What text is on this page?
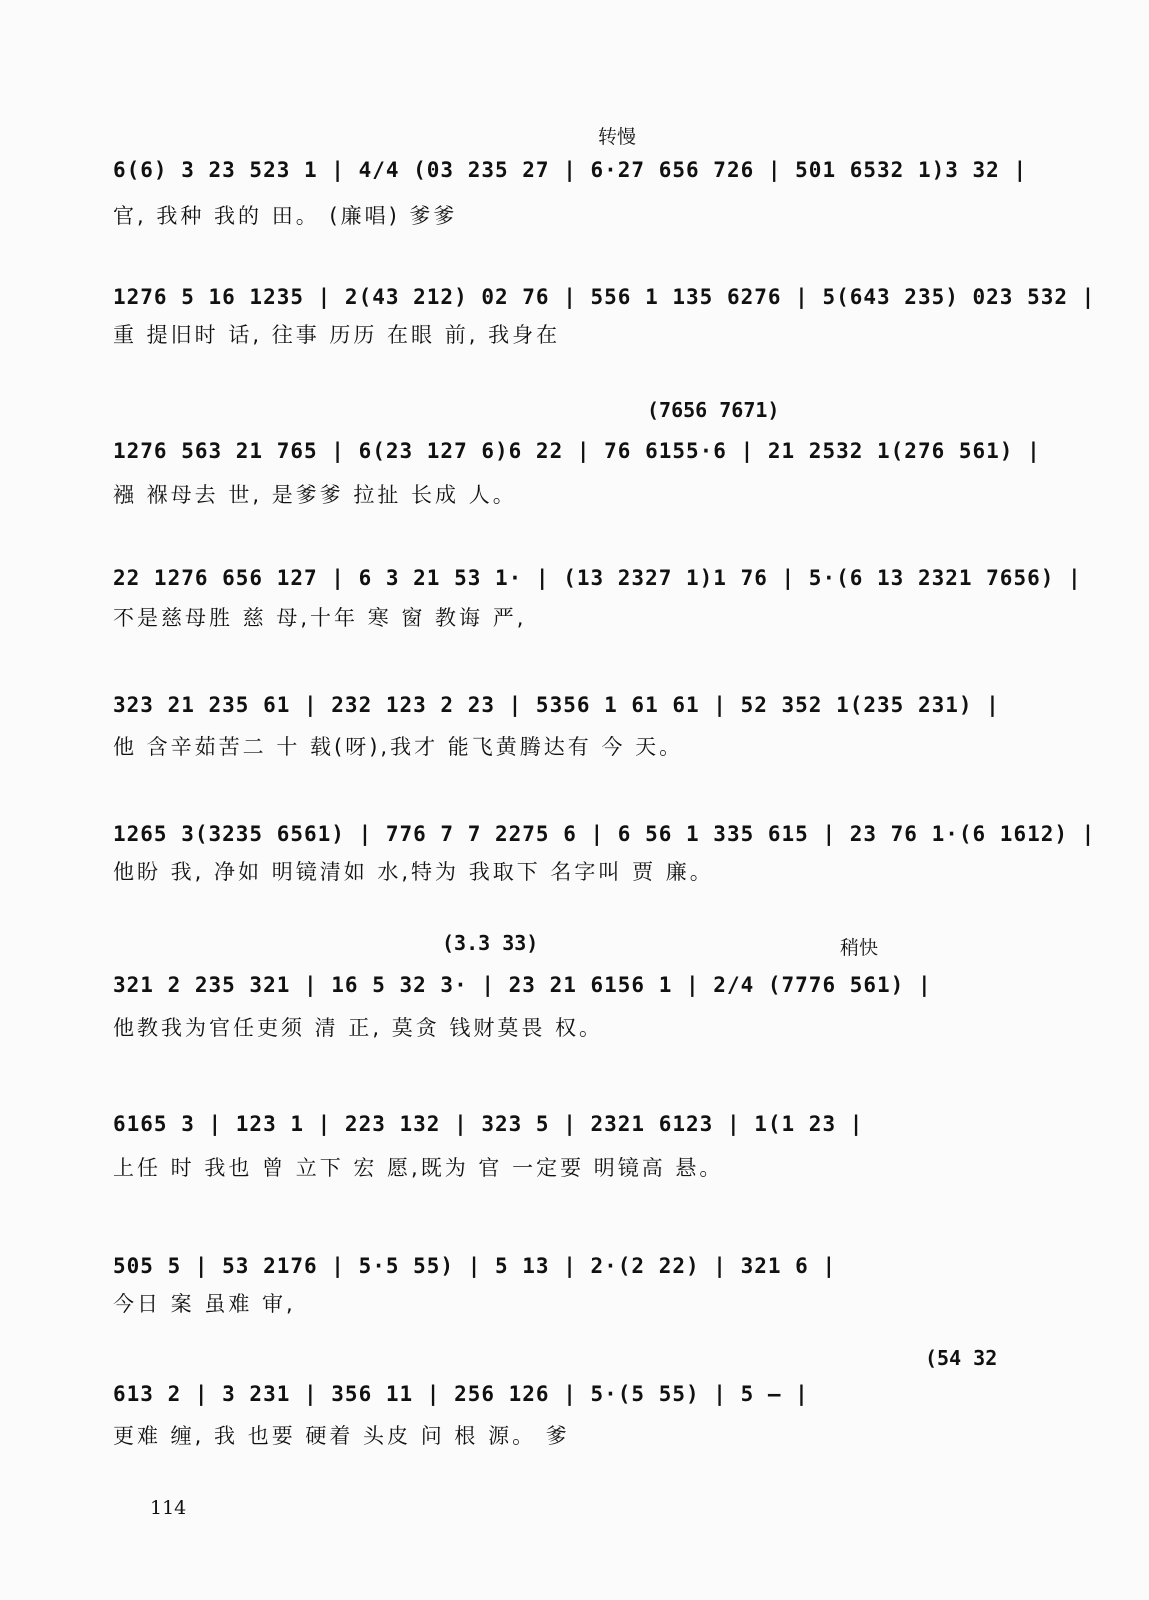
转慢
6(6) 3 23 523 1 | 4/4 (03 235 27 | 6·27 656 726 | 501 6532 1)3 32 |
官, 我种 我的 田。 (廉唱) 爹爹
1276 5 16 1235 | 2(43 212) 02 76 | 556 1 135 6276 | 5(643 235) 023 532 |
重 提旧时 话, 往事 历历 在眼 前, 我身在
(7656 7671)
1276 563 21 765 | 6(23 127 6)6 22 | 76 6155·6 | 21 2532 1(276 561) |
襁 褓母去 世, 是爹爹 拉扯 长成 人。
22 1276 656 127 | 6 3 21 53 1· | (13 2327 1)1 76 | 5·(6 13 2321 7656) |
不是慈母胜 慈 母,十年 寒 窗 教诲 严,
323 21 235 61 | 232 123 2 23 | 5356 1 61 61 | 52 352 1(235 231) |
他 含辛茹苦二 十 载(呀),我才 能飞黄腾达有 今 天。
1265 3(3235 6561) | 776 7 7 2275 6 | 6 56 1 335 615 | 23 76 1·(6 1612) |
他盼 我, 净如 明镜清如 水,特为 我取下 名字叫 贾 廉。
稍快
(3.3 33)
321 2 235 321 | 16 5 32 3· | 23 21 6156 1 | 2/4 (7776 561) |
他教我为官任吏须 清 正, 莫贪 钱财莫畏 权。
6165 3 | 123 1 | 223 132 | 323 5 | 2321 6123 | 1(1 23 |
上任 时 我也 曾 立下 宏 愿,既为 官 一定要 明镜高 悬。
505 5 | 53 2176 | 5·5 55) | 5 13 | 2·(2 22) | 321 6 |
今日 案 虽难 审,
(54 32
613 2 | 3 231 | 356 11 | 256 126 | 5·(5 55) | 5 — |
更难 缠, 我 也要 硬着 头皮 问 根 源。 爹
114
